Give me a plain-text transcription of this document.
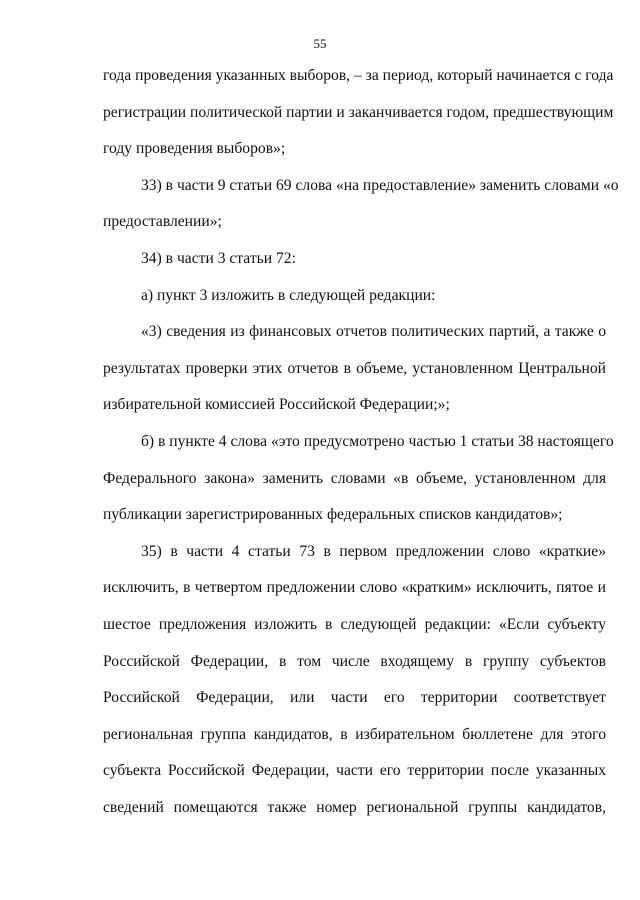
55
года проведения указанных выборов, – за период, который начинается с года
регистрации политической партии и заканчивается годом, предшествующим
году проведения выборов»;
33) в части 9 статьи 69 слова «на предоставление» заменить словами «о
предоставлении»;
34) в части 3 статьи 72:
а) пункт 3 изложить в следующей редакции:
«3) сведения из финансовых отчетов политических партий, а также о
результатах проверки этих отчетов в объеме, установленном Центральной
избирательной комиссией Российской Федерации;»;
б) в пункте 4 слова «это предусмотрено частью 1 статьи 38 настоящего
Федерального закона» заменить словами «в объеме, установленном для
публикации зарегистрированных федеральных списков кандидатов»;
35) в части 4 статьи 73 в первом предложении слово «краткие»
исключить, в четвертом предложении слово «кратким» исключить, пятое и
шестое предложения изложить в следующей редакции: «Если субъекту
Российской Федерации, в том числе входящему в группу субъектов
Российской Федерации, или части его территории соответствует
региональная группа кандидатов, в избирательном бюллетене для этого
субъекта Российской Федерации, части его территории после указанных
сведений помещаются также номер региональной группы кандидатов,
